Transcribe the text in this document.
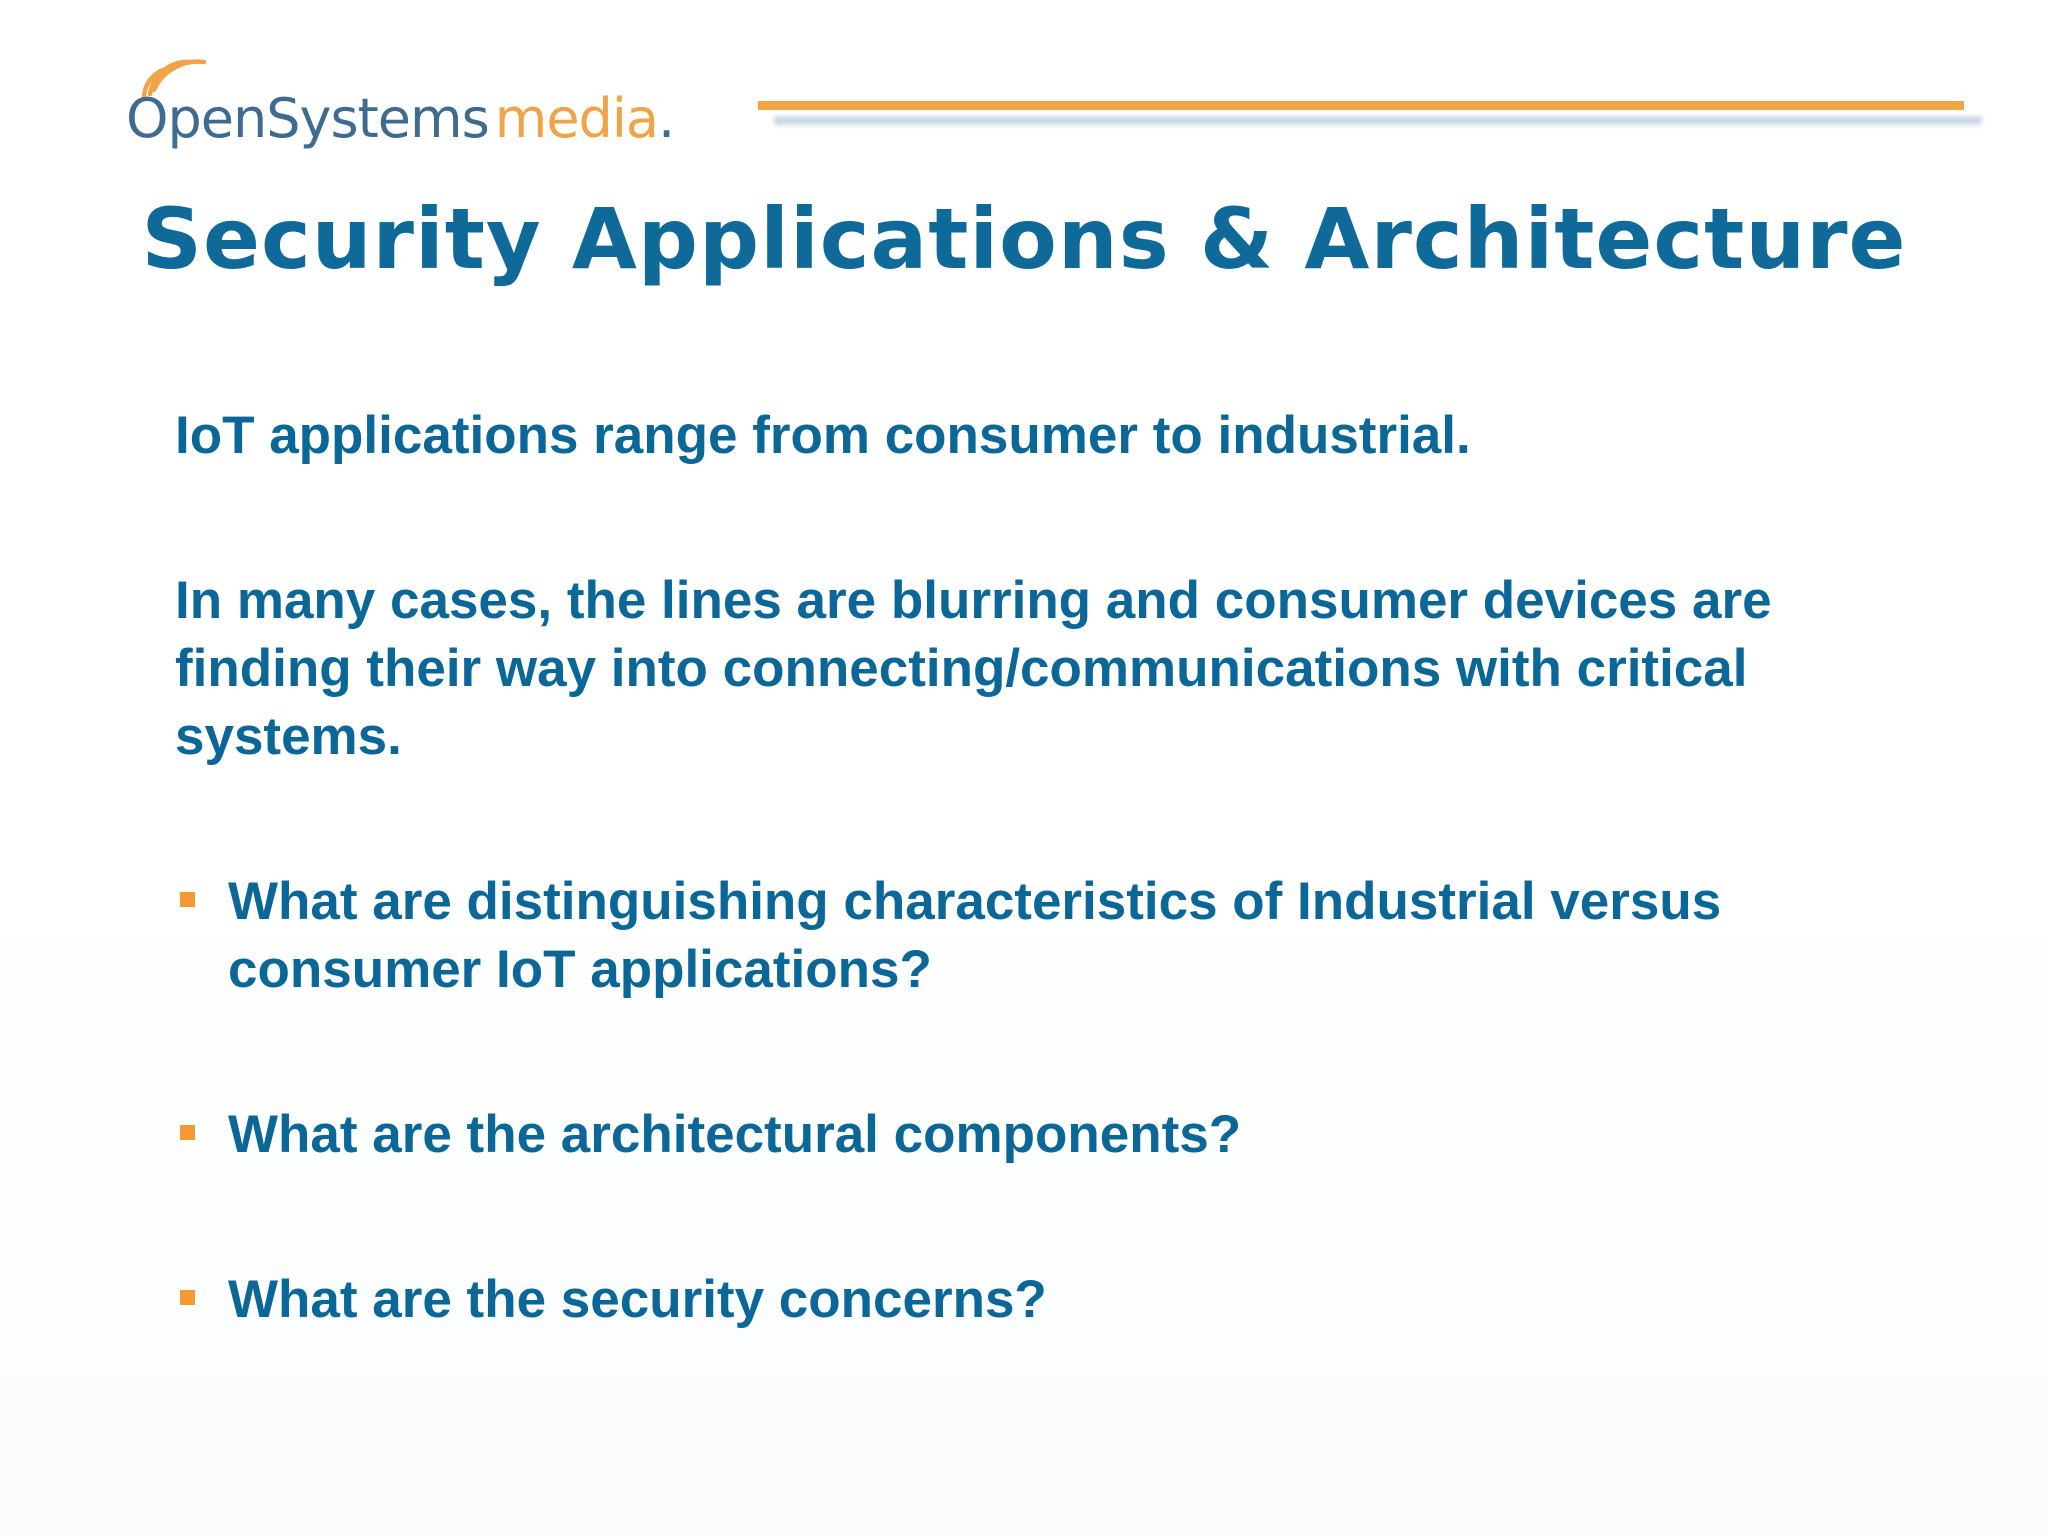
OpenSystems media.
Security Applications & Architecture

IoT applications range from consumer to industrial.

In many cases, the lines are blurring and consumer devices are finding their way into connecting/communications with critical systems.

What are distinguishing characteristics of Industrial versus consumer IoT applications?
What are the architectural components?
What are the security concerns?
